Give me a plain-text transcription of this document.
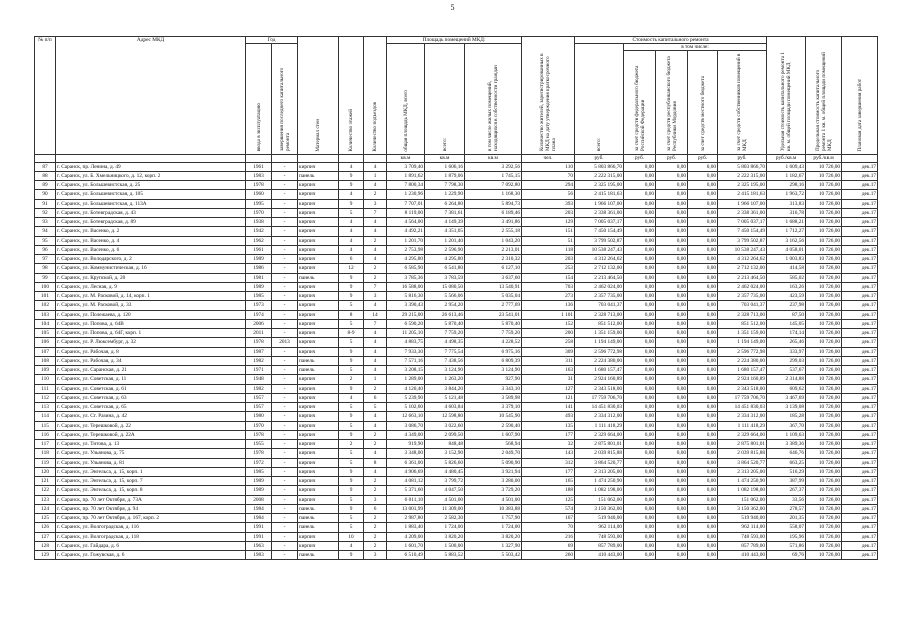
5
№ п/п	Адрес МКД	Год		Материал стен	Количество этажей	Количество подъездов	Площадь помещений МКД:			Количество жителей, зарегистрированных в МКД на дату утверждения краткосрочного плана	Стоимость капитального ремонта					Удельная стоимость капитального ремонта 1 кв. м. общей площади помещений МКД	Предельная стоимость капитального ремонта 1 кв. м. общей площади помещений МКД	Плановая дата завершения работ
		ввода в эксплуатацию	завершения последнего капитального ремонта				общая площадь МКД, всего	всего:	в том числе жилых помещений, находящихся в собственности граждан		всего:	в том числе:						
												за счет средств федерального бюджета Российской Федерации	за счет средств республиканского бюджета Республики Мордовия	за счет средств местного бюджета	за счет средств собственников помещений в МКД			
							кв.м	кв.м	кв.м	чел.	руб.	руб.	руб.	руб.	руб.	руб./кв.м	руб./кв.м	
87	г. Саранск, пр. Ленина, д. 49	1961	-	кирпич	4	4	3 709,40	1 606,16	3 292,56	110	5 803 866,70	0,00	0,00	0,00	5 803 866,70	1 609,43	10 726,00	дек.17
88	г. Саранск, ул. Б. Хмельницкого, д. 12, корп. 2	1983	-	панель	9	1	1 891,62	1 879,06	1 745,15	70	2 222 315,00	0,00	0,00	0,00	2 222 315,00	1 182,67	10 726,00	дек.17
89	г. Саранск, ул. Большевистская, д. 25	1978	-	кирпич	9	4	7 800,34	7 798,30	7 092,80	294	2 325 195,00	0,00	0,00	0,00	2 325 195,00	298,16	10 726,00	дек.17
90	г. Саранск, ул. Большевистская, д. 105	1960	-	кирпич	4	2	1 230,96	1 229,90	1 168,30	56	2 415 181,63	0,00	0,00	0,00	2 415 181,63	1 963,72	10 726,00	дек.17
91	г. Саранск, ул. Большевистская, д. 113А	1995	-	кирпич	9	3	7 707,01	6 264,80	5 894,73	393	1 966 107,00	0,00	0,00	0,00	1 966 107,00	313,83	10 726,00	дек.17
92	г. Саранск, ул. Ботевградская, д. 43	1970	-	кирпич	5	7	8 119,00	7 381,61	6 189,46	203	2 338 361,00	0,00	0,00	0,00	2 338 361,00	316,78	10 726,00	дек.17
93	г. Саранск, ул. Ботевградская, д. 89	1938	-	кирпич	4	4	4 564,00	4 149,39	3 491,86	129	7 005 037,17	0,00	0,00	0,00	7 005 037,17	1 688,21	10 726,00	дек.17
94	г. Саранск, ул. Васенко, д. 2	1942	-	кирпич	4	4	4 492,21	4 351,05	2 555,18	151	7 450 154,49	0,00	0,00	0,00	7 450 154,49	1 712,27	10 726,00	дек.17
95	г. Саранск, ул. Васенко, д. 4	1962	-	кирпич	4	2	1 201,70	1 201,40	1 043,20	51	3 799 502,87	0,00	0,00	0,00	3 799 502,87	3 162,56	10 726,00	дек.17
96	г. Саранск, ул. Васенко, д. 6	1961	-	кирпич	4	4	2 753,98	2 596,90	2 213,01	118	10 538 247,43	0,00	0,00	0,00	10 538 247,43	4 058,01	10 726,00	дек.17
97	г. Саранск, ул. Володарского, д. 2	1989	-	кирпич	6	4	4 295,80	4 295,80	2 310,32	203	4 312 264,62	0,00	0,00	0,00	4 312 264,62	1 003,83	10 726,00	дек.17
98	г. Саранск, ул. Коммунистическая, д. 16	1986	-	кирпич	12	2	6 585,90	6 541,80	6 127,10	253	2 712 132,00	0,00	0,00	0,00	2 712 132,00	414,58	10 726,00	дек.17
99	г. Саранск, ул. Крупской, д. 20	1981	-	панель	9	2	3 785,36	3 783,59	3 637,60	154	2 213 464,50	0,00	0,00	0,00	2 213 464,50	585,02	10 726,00	дек.17
100	г. Саранск, ул. Лесная, д. 9	1989	-	кирпич	9	7	16 588,00	15 080,50	13 540,91	703	2 462 024,00	0,00	0,00	0,00	2 462 024,00	163,26	10 726,00	дек.17
101	г. Саранск, ул. М. Расковой, д. 14, корп. 1	1985	-	кирпич	9	3	5 816,30	5 566,06	5 035,04	273	2 357 735,00	0,00	0,00	0,00	2 357 735,00	423,59	10 726,00	дек.17
102	г. Саранск, ул. М. Расковой, д. 33	1973	-	кирпич	5	4	3 390,43	2 954,20	2 777,69	136	703 041,37	0,00	0,00	0,00	703 041,37	237,98	10 726,00	дек.17
103	г. Саранск, ул. Полежаева, д. 120	1974	-	кирпич	8	14	29 215,00	26 613,46	23 541,01	1 101	2 328 713,00	0,00	0,00	0,00	2 328 713,00	87,50	10 726,00	дек.17
104	г. Саранск, ул. Попова, д. 64В	2006	-	кирпич	5	7	6 590,20	5 870,40	5 870,40	152	851 512,00	0,00	0,00	0,00	851 512,00	145,05	10 726,00	дек.17
105	г. Саранск, ул. Попова, д. 64Г, корп. 1	2011	-	кирпич	8-9	4	11 205,10	7 759,20	7 759,20	200	1 351 159,00	0,00	0,00	0,00	1 351 159,00	174,14	10 726,00	дек.17
106	г. Саранск, ул. Р. Люксембург, д. 32	1978	2013	кирпич	5	4	4 883,75	4 498,35	4 228,52	258	1 194 149,00	0,00	0,00	0,00	1 194 149,00	265,46	10 726,00	дек.17
107	г. Саранск, ул. Рабочая, д. 8	1987	-	кирпич	9	4	7 933,30	7 775,54	6 975,16	309	2 596 772,98	0,00	0,00	0,00	2 596 772,98	333,97	10 726,00	дек.17
108	г. Саранск, ул. Рабочая, д. 34	1982	-	панель	9	4	7 571,16	7 438,56	6 809,39	311	2 224 380,00	0,00	0,00	0,00	2 224 380,00	299,03	10 726,00	дек.17
109	г. Саранск, ул. Саранская, д. 21	1971	-	панель	5	4	3 208,15	3 124,90	3 124,90	163	1 680 157,47	0,00	0,00	0,00	1 680 157,47	537,67	10 726,00	дек.17
110	г. Саранск, ул. Советская, д. 11	1948	-	кирпич	2	1	1 289,00	1 263,20	927,90	31	2 924 160,89	0,00	0,00	0,00	2 924 160,89	2 314,88	10 726,00	дек.17
111	г. Саранск, ул. Советская, д. 61	1982	-	кирпич	9	2	4 120,40	3 844,20	3 343,10	127	2 343 518,00	0,00	0,00	0,00	2 343 518,00	609,62	10 726,00	дек.17
112	г. Саранск, ул. Советская, д. 63	1957	-	кирпич	4	6	5 239,90	5 121,48	3 589,98	121	17 759 706,70	0,00	0,00	0,00	17 759 706,70	3 467,69	10 726,00	дек.17
113	г. Саранск, ул. Советская, д. 65	1957	-	кирпич	5	5	5 102,60	4 603,84	3 379,10	141	14 451 830,03	0,00	0,00	0,00	14 451 830,03	3 139,08	10 726,00	дек.17
114	г. Саранск, ул. Ст. Разина, д. 42	1980	-	кирпич	9	4	12 663,10	12 598,80	10 545,90	493	2 334 312,00	0,00	0,00	0,00	2 334 312,00	185,28	10 726,00	дек.17
115	г. Саранск, ул. Терешковой, д. 22	1970	-	кирпич	5	4	3 086,70	3 022,60	2 590,40	135	1 111 418,29	0,00	0,00	0,00	1 111 418,29	367,70	10 726,00	дек.17
116	г. Саранск, ул. Терешковой, д. 22А	1978	-	кирпич	9	2	4 349,00	2 099,50	1 607,90	177	2 329 664,00	0,00	0,00	0,00	2 329 664,00	1 109,63	10 726,00	дек.17
117	г. Саранск, ул. Титова, д. 13	1955	-	кирпич	2	2	919,90	848,48	568,94	32	2 875 801,01	0,00	0,00	0,00	2 875 801,01	3 389,36	10 726,00	дек.17
118	г. Саранск, ул. Ульянова, д. 75	1978	-	кирпич	5	4	3 348,00	3 152,90	2 049,70	143	2 039 815,88	0,00	0,00	0,00	2 039 815,88	646,76	10 726,00	дек.17
119	г. Саранск, ул. Ульянова, д. 81	1972	-	кирпич	5	8	6 361,00	5 826,60	5 090,90	312	3 864 520,77	0,00	0,00	0,00	3 864 520,77	663,25	10 726,00	дек.17
120	г. Саранск, ул. Энгельса, д. 15, корп. 1	1985	-	кирпич	9	4	4 906,69	4 480,45	3 921,94	177	2 313 205,00	0,00	0,00	0,00	2 313 205,00	516,29	10 726,00	дек.17
121	г. Саранск, ул. Энгельса, д. 15, корп. 7	1989	-	кирпич	9	2	4 081,12	3 799,72	3 280,00	165	1 474 250,90	0,00	0,00	0,00	1 474 250,90	387,99	10 726,00	дек.17
122	г. Саранск, ул. Энгельса, д. 15, корп. 8	1989	-	кирпич	9	2	5 371,60	4 047,50	3 729,20	188	1 082 198,00	0,00	0,00	0,00	1 082 198,00	267,37	10 726,00	дек.17
123	г. Саранск, пр. 70 лет Октября, д. 73А	2008	-	кирпич	5	3	6 011,10	4 501,00	4 501,00	125	151 062,00	0,00	0,00	0,00	151 062,00	33,56	10 726,00	дек.17
124	г. Саранск, пр. 70 лет Октября, д. 94	1984	-	панель	9	6	13 001,99	11 309,00	10 383,88	574	3 150 362,00	0,00	0,00	0,00	3 150 362,00	278,57	10 726,00	дек.17
125	г. Саранск, пр. 70 лет Октября, д. 167, корп. 2	1984	-	панель	5	2	2 987,80	2 582,30	1 757,90	167	519 940,00	0,00	0,00	0,00	519 940,00	201,35	10 726,00	дек.17
126	г. Саранск, ул. Волгоградская, д. 116	1991	-	панель	5	2	1 883,40	1 724,00	1 724,00	70	962 114,00	0,00	0,00	0,00	962 114,00	558,07	10 726,00	дек.17
127	г. Саранск, ул. Волгоградская, д. 118	1991	-	кирпич	10	2	4 209,00	3 820,20	3 820,20	216	748 593,00	0,00	0,00	0,00	748 593,00	195,96	10 726,00	дек.17
128	г. Саранск, ул. Гайдара, д. 6	1963	-	кирпич	4	2	1 601,70	1 500,00	1 327,90	69	857 789,00	0,00	0,00	0,00	857 789,00	571,86	10 726,00	дек.17
129	г. Саранск, ул. Гожувская, д. 6	1983	-	панель	9	3	6 510,49	5 883,52	5 503,42	260	410 443,00	0,00	0,00	0,00	410 443,00	69,76	10 726,00	дек.17
